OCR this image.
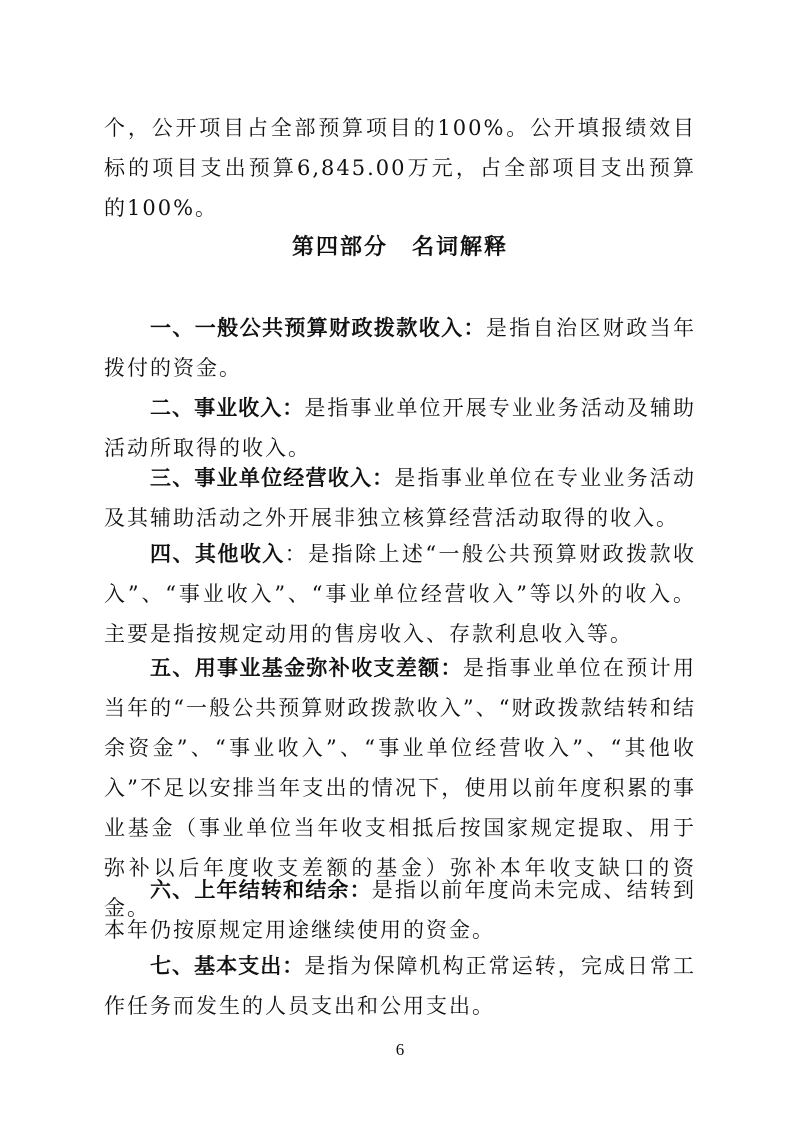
个，公开项目占全部预算项目的100%。公开填报绩效目标的项目支出预算6,845.00万元，占全部项目支出预算的100%。

第四部分　名词解释

一、一般公共预算财政拨款收入：是指自治区财政当年拨付的资金。

二、事业收入：是指事业单位开展专业业务活动及辅助活动所取得的收入。

三、事业单位经营收入：是指事业单位在专业业务活动及其辅助活动之外开展非独立核算经营活动取得的收入。

四、其他收入：是指除上述“一般公共预算财政拨款收入”、“事业收入”、“事业单位经营收入”等以外的收入。主要是指按规定动用的售房收入、存款利息收入等。

五、用事业基金弥补收支差额：是指事业单位在预计用当年的“一般公共预算财政拨款收入”、“财政拨款结转和结余资金”、“事业收入”、“事业单位经营收入”、“其他收入”不足以安排当年支出的情况下，使用以前年度积累的事业基金（事业单位当年收支相抵后按国家规定提取、用于弥补以后年度收支差额的基金）弥补本年收支缺口的资金。

六、上年结转和结余：是指以前年度尚未完成、结转到本年仍按原规定用途继续使用的资金。

七、基本支出：是指为保障机构正常运转，完成日常工作任务而发生的人员支出和公用支出。

6
